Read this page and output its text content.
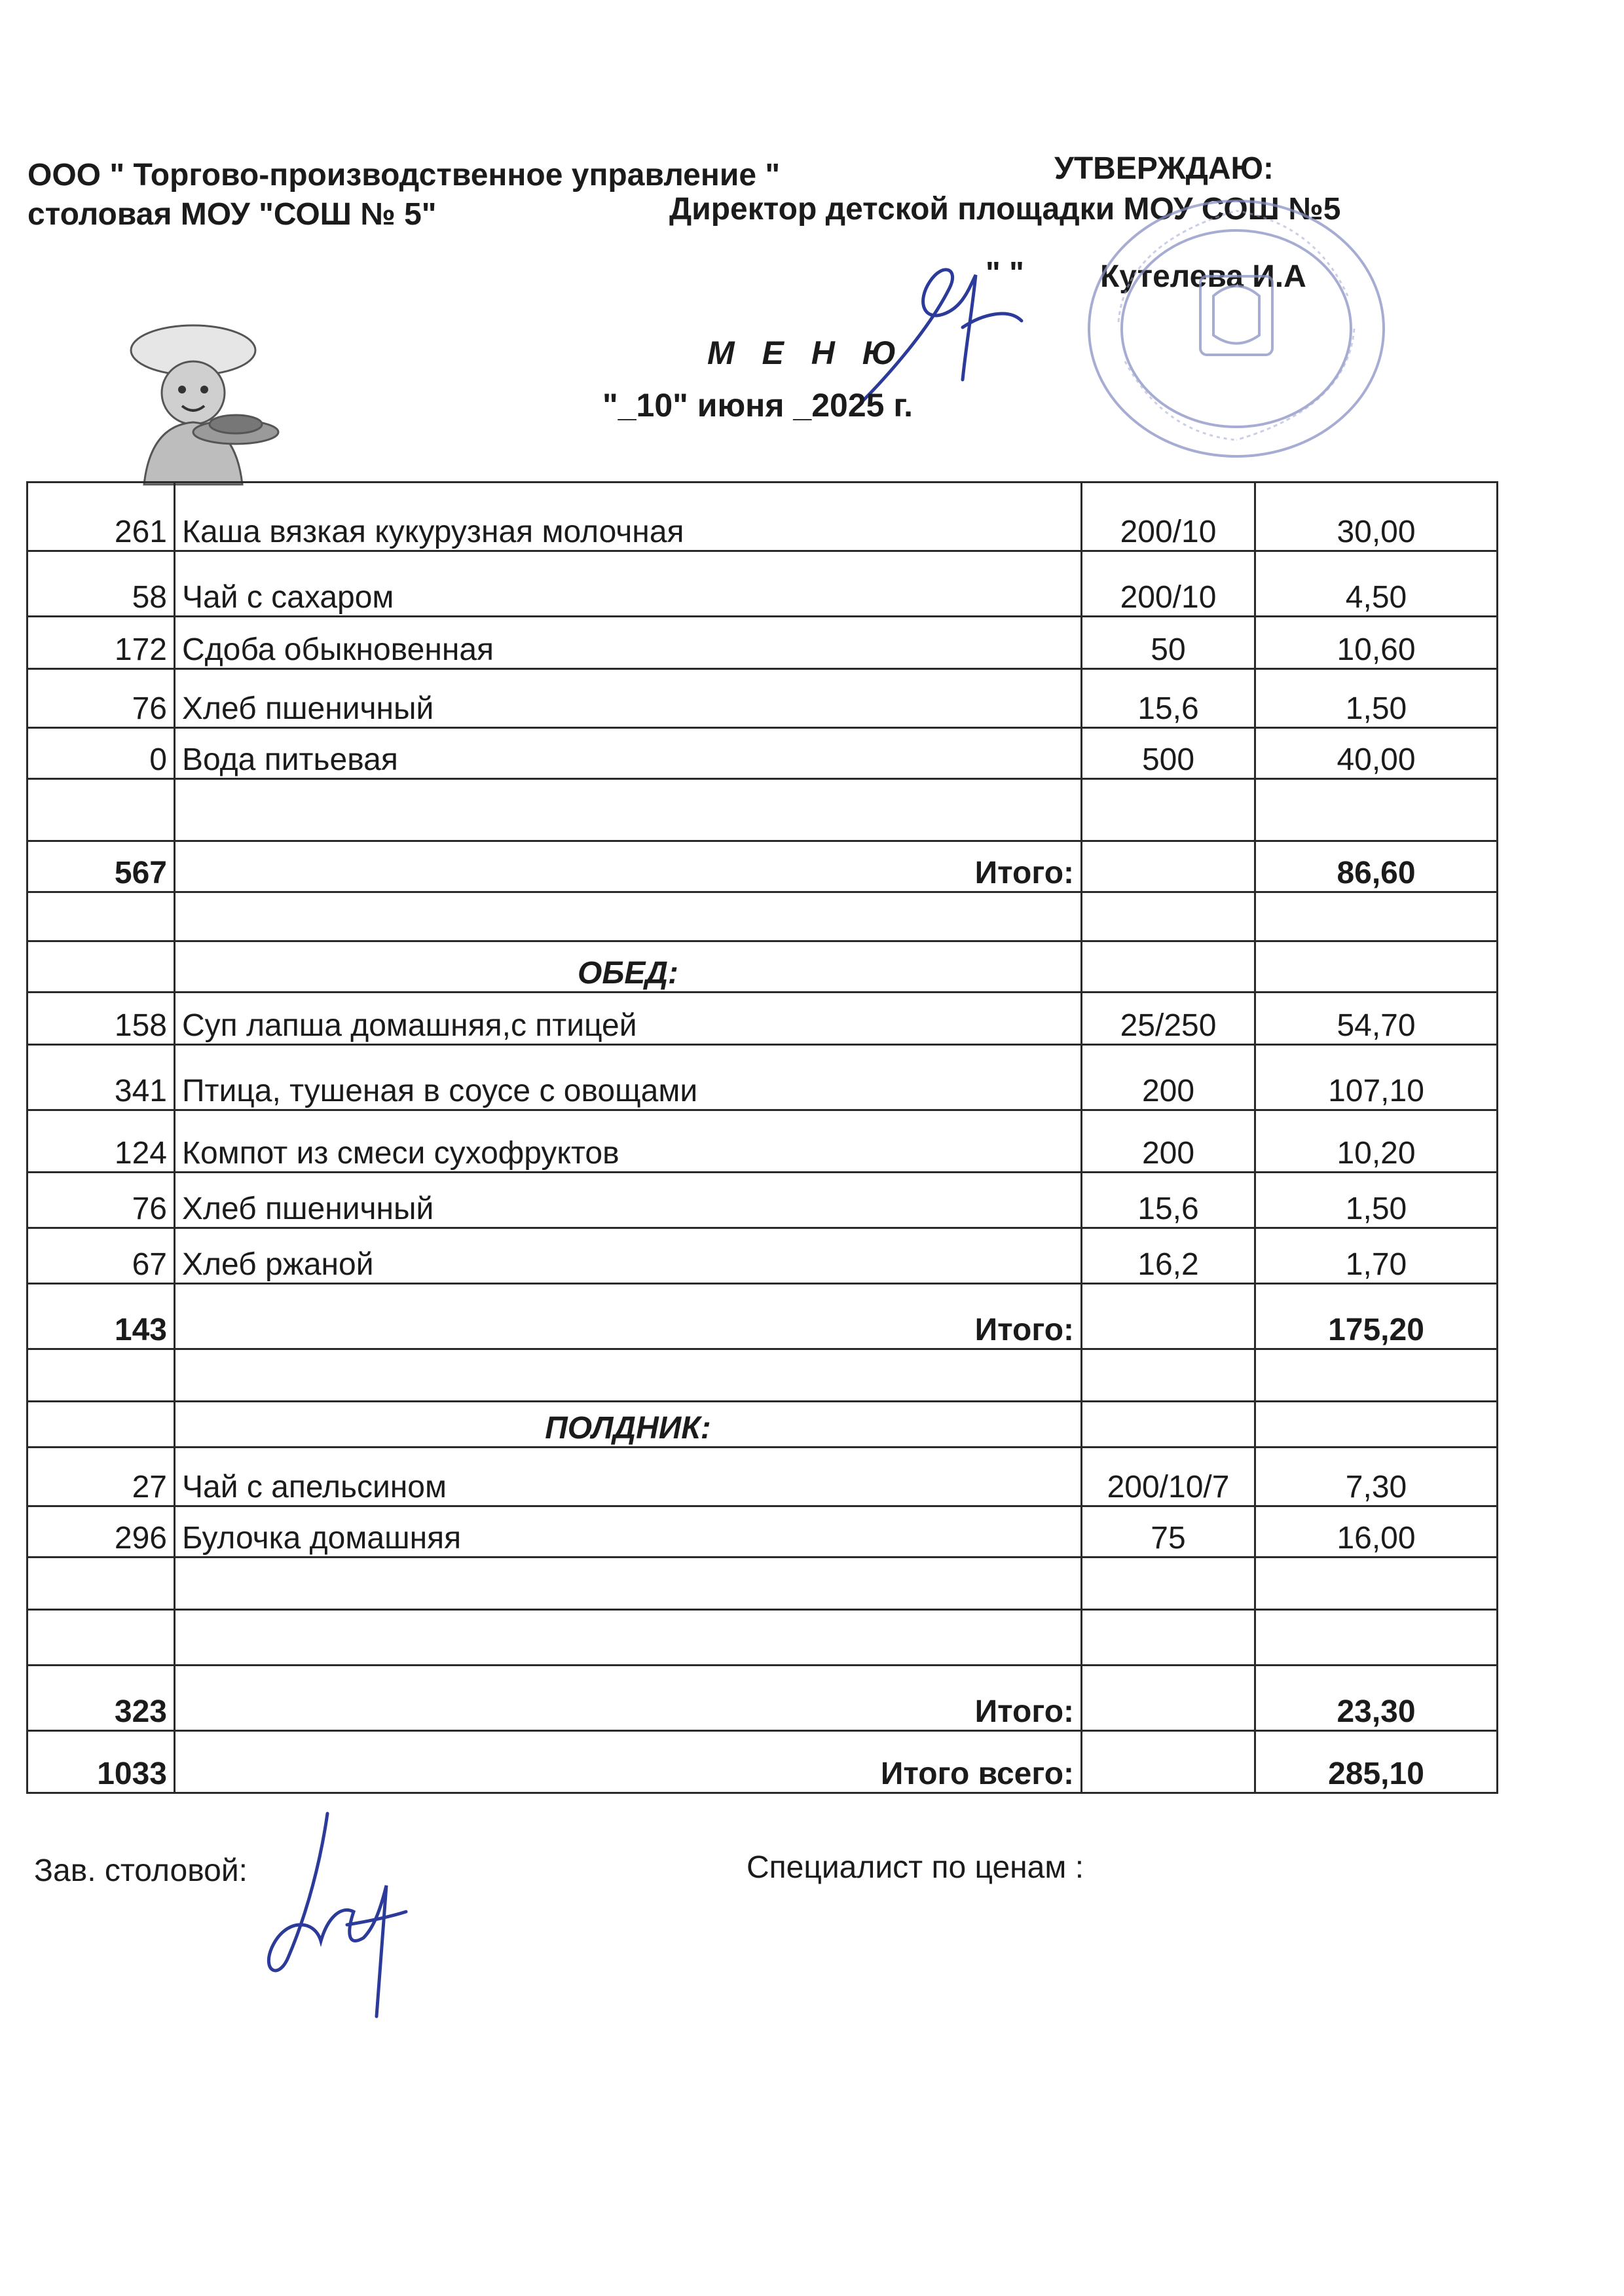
ООО " Торгово-производственное управление "
столовая МОУ "СОШ № 5"
УТВЕРЖДАЮ:
Директор детской площадки МОУ СОШ №5
" " Кутелева И.А
М Е Н Ю
"_10" июня _2025 г.
261	Каша вязкая кукурузная молочная	200/10	30,00
58	Чай с сахаром	200/10	4,50
172	Сдоба обыкновенная	50	10,60
76	Хлеб пшеничный	15,6	1,50
0	Вода питьевая	500	40,00

567	Итого:		86,60

	ОБЕД:		
158	Суп лапша домашняя,с птицей	25/250	54,70
341	Птица, тушеная в соусе с овощами	200	107,10
124	Компот из смеси сухофруктов	200	10,20
76	Хлеб пшеничный	15,6	1,50
67	Хлеб ржаной	16,2	1,70
143	Итого:		175,20

	ПОЛДНИК:		
27	Чай с апельсином	200/10/7	7,30
296	Булочка домашняя	75	16,00

323	Итого:		23,30
1033	Итого всего:		285,10
Зав. столовой:	Специалист по ценам :
